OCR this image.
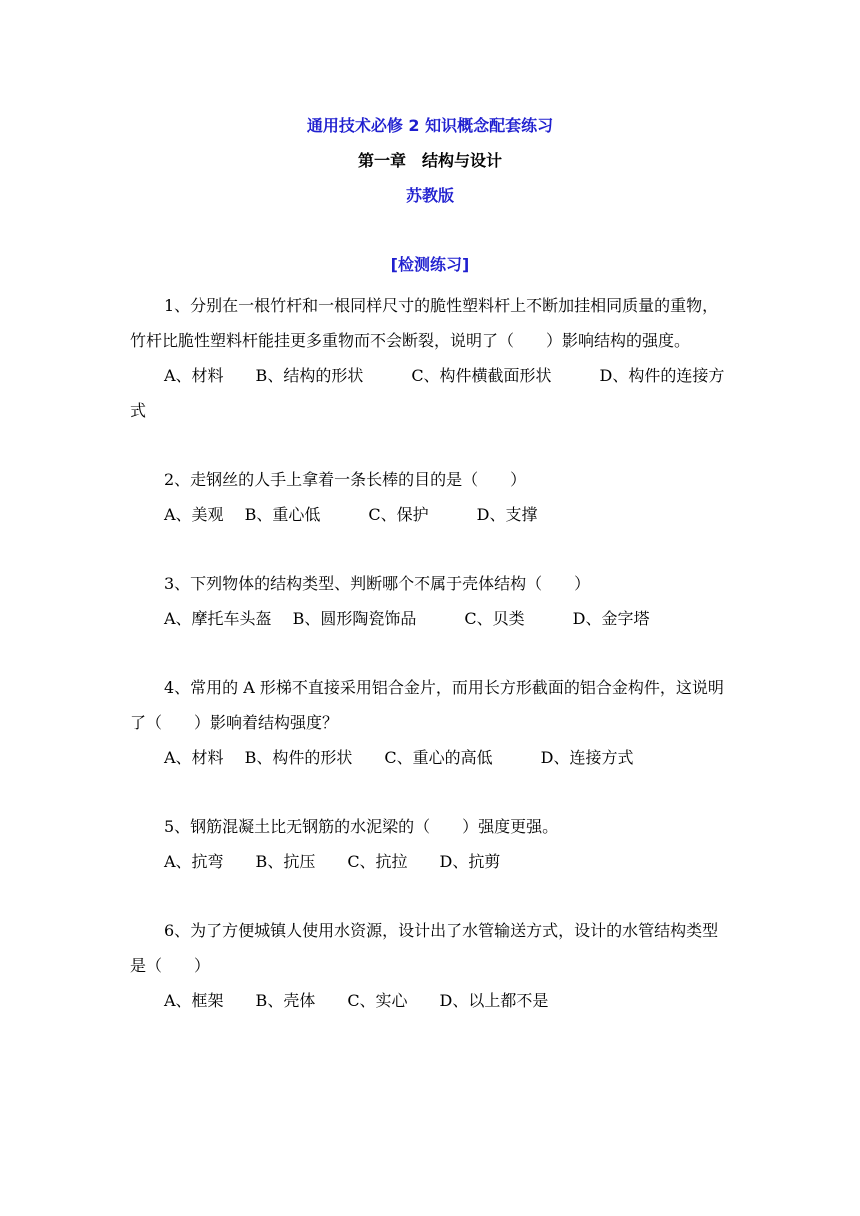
通用技术必修 2 知识概念配套练习
第一章　结构与设计
苏教版
[检测练习]
1、分别在一根竹杆和一根同样尺寸的脆性塑料杆上不断加挂相同质量的重物，竹杆比脆性塑料杆能挂更多重物而不会断裂，说明了（　　）影响结构的强度。
A、材料　　B、结构的形状　　　C、构件横截面形状　　　D、构件的连接方式
2、走钢丝的人手上拿着一条长棒的目的是（　　）
A、美观　 B、重心低　　　C、保护　　　D、支撑
3、下列物体的结构类型、判断哪个不属于壳体结构（　　）
A、摩托车头盔　 B、圆形陶瓷饰品　　　C、贝类　　　D、金字塔
4、常用的 A 形梯不直接采用铝合金片，而用长方形截面的铝合金构件，这说明了（　　）影响着结构强度？
A、材料　 B、构件的形状　　C、重心的高低　　　D、连接方式
5、钢筋混凝土比无钢筋的水泥梁的（　　）强度更强。
A、抗弯　　B、抗压　　C、抗拉　　D、抗剪
6、为了方便城镇人使用水资源，设计出了水管输送方式，设计的水管结构类型是（　　）
A、框架　　B、壳体　　C、实心　　D、以上都不是
